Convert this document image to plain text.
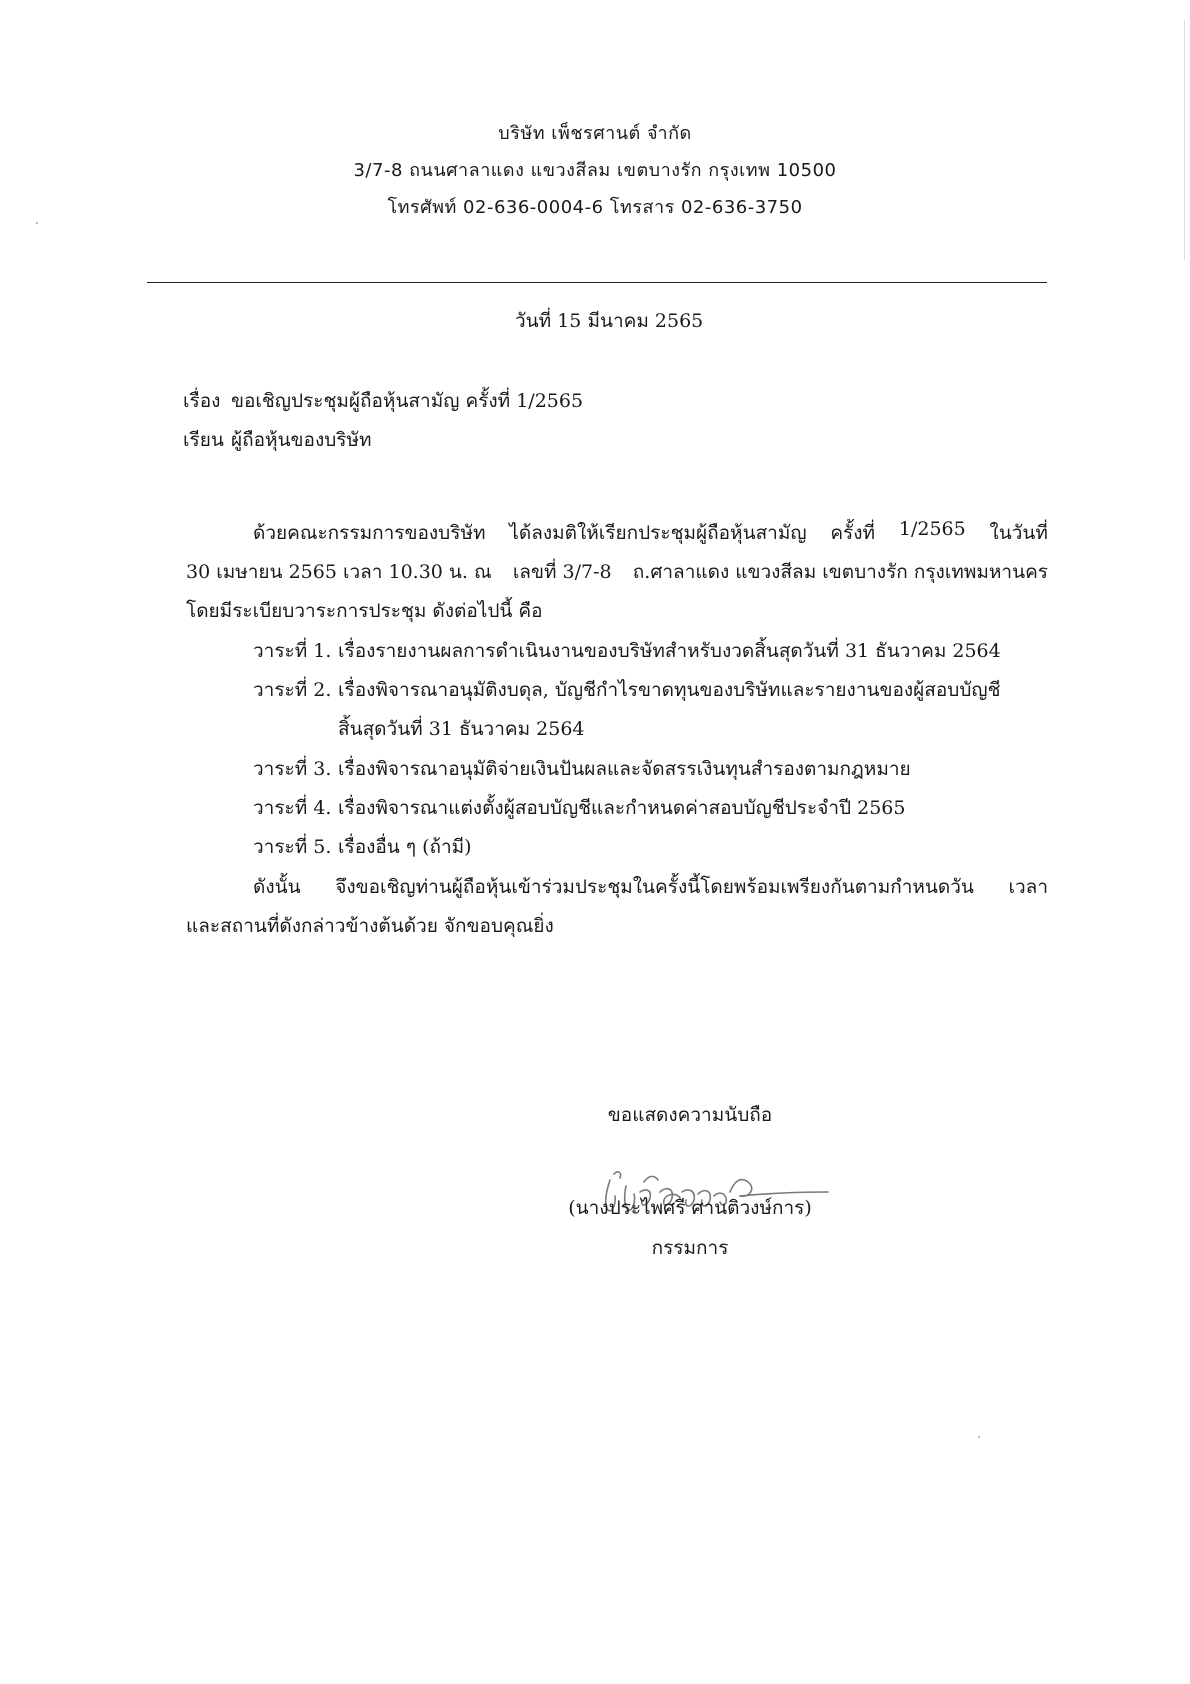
บริษัท เพ็ชรศานต์ จำกัด
3/7-8 ถนนศาลาแดง แขวงสีลม เขตบางรัก กรุงเทพ 10500
โทรศัพท์ 02-636-0004-6 โทรสาร 02-636-3750
วันที่ 15 มีนาคม 2565
เรื่อง ขอเชิญประชุมผู้ถือหุ้นสามัญ ครั้งที่ 1/2565
เรียน ผู้ถือหุ้นของบริษัท
ด้วยคณะกรรมการของบริษัท ได้ลงมติให้เรียกประชุมผู้ถือหุ้นสามัญ ครั้งที่ 1/2565 ในวันที่
30 เมษายน 2565 เวลา 10.30 น. ณ เลขที่ 3/7-8 ถ.ศาลาแดง แขวงสีลม เขตบางรัก กรุงเทพมหานคร
โดยมีระเบียบวาระการประชุม ดังต่อไปนี้ คือ
วาระที่ 1. เรื่องรายงานผลการดำเนินงานของบริษัทสำหรับงวดสิ้นสุดวันที่ 31 ธันวาคม 2564
วาระที่ 2. เรื่องพิจารณาอนุมัติงบดุล, บัญชีกำไรขาดทุนของบริษัทและรายงานของผู้สอบบัญชี
สิ้นสุดวันที่ 31 ธันวาคม 2564
วาระที่ 3. เรื่องพิจารณาอนุมัติจ่ายเงินปันผลและจัดสรรเงินทุนสำรองตามกฎหมาย
วาระที่ 4. เรื่องพิจารณาแต่งตั้งผู้สอบบัญชีและกำหนดค่าสอบบัญชีประจำปี 2565
วาระที่ 5. เรื่องอื่น ๆ (ถ้ามี)
ดังนั้น จึงขอเชิญท่านผู้ถือหุ้นเข้าร่วมประชุมในครั้งนี้โดยพร้อมเพรียงกันตามกำหนดวัน เวลา
และสถานที่ดังกล่าวข้างต้นด้วย จักขอบคุณยิ่ง
ขอแสดงความนับถือ
(นางประไพศรี ศานติวงษ์การ)
กรรมการ
